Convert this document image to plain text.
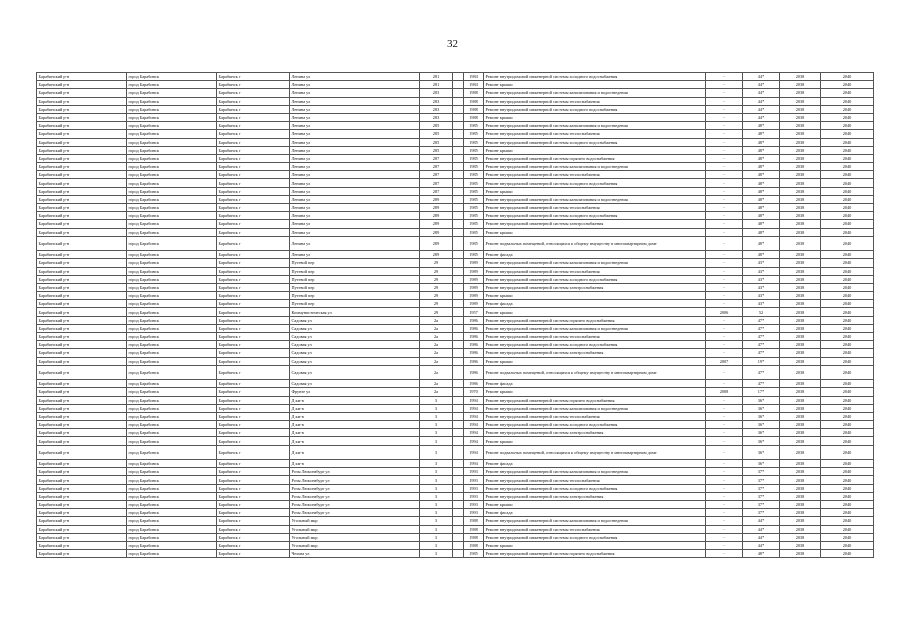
32
Барабинский р-н	город Барабинск	Барабинск г	Ленина ул	281		1984	Ремонт внутридомовой инженерной системы холодного водоснабжения	-	44*	2038	2040
Барабинский р-н	город Барабинск	Барабинск г	Ленина ул	281		1984	Ремонт крыши	-	44*	2038	2040
Барабинский р-н	город Барабинск	Барабинск г	Ленина ул	283		1988	Ремонт внутридомовой инженерной системы канализования и водоотведения	-	44*	2038	2040
Барабинский р-н	город Барабинск	Барабинск г	Ленина ул	283		1988	Ремонт внутридомовой инженерной системы теплоснабжения	-	44*	2038	2040
Барабинский р-н	город Барабинск	Барабинск г	Ленина ул	283		1988	Ремонт внутридомовой инженерной системы холодного водоснабжения	-	44*	2038	2040
Барабинский р-н	город Барабинск	Барабинск г	Ленина ул	283		1988	Ремонт крыши	-	44*	2038	2040
Барабинский р-н	город Барабинск	Барабинск г	Ленина ул	285		1985	Ремонт внутридомовой инженерной системы канализования и водоотведения	-	48*	2038	2040
Барабинский р-н	город Барабинск	Барабинск г	Ленина ул	285		1985	Ремонт внутридомовой инженерной системы теплоснабжения	-	48*	2038	2040
Барабинский р-н	город Барабинск	Барабинск г	Ленина ул	285		1985	Ремонт внутридомовой инженерной системы холодного водоснабжения	-	48*	2038	2040
Барабинский р-н	город Барабинск	Барабинск г	Ленина ул	285		1985	Ремонт крыши	-	48*	2038	2040
Барабинский р-н	город Барабинск	Барабинск г	Ленина ул	287		1985	Ремонт внутридомовой инженерной системы горячего водоснабжения	-	48*	2038	2040
Барабинский р-н	город Барабинск	Барабинск г	Ленина ул	287		1985	Ремонт внутридомовой инженерной системы канализования и водоотведения	-	48*	2038	2040
Барабинский р-н	город Барабинск	Барабинск г	Ленина ул	287		1985	Ремонт внутридомовой инженерной системы теплоснабжения	-	48*	2038	2040
Барабинский р-н	город Барабинск	Барабинск г	Ленина ул	287		1985	Ремонт внутридомовой инженерной системы холодного водоснабжения	-	48*	2038	2040
Барабинский р-н	город Барабинск	Барабинск г	Ленина ул	287		1985	Ремонт крыши	-	48*	2038	2040
Барабинский р-н	город Барабинск	Барабинск г	Ленина ул	289		1985	Ремонт внутридомовой инженерной системы канализования и водоотведения	-	48*	2038	2040
Барабинский р-н	город Барабинск	Барабинск г	Ленина ул	289		1985	Ремонт внутридомовой инженерной системы теплоснабжения	-	48*	2038	2040
Барабинский р-н	город Барабинск	Барабинск г	Ленина ул	289		1985	Ремонт внутридомовой инженерной системы холодного водоснабжения	-	48*	2038	2040
Барабинский р-н	город Барабинск	Барабинск г	Ленина ул	289		1985	Ремонт внутридомовой инженерной системы электроснабжения	-	48*	2038	2040
Барабинский р-н	город Барабинск	Барабинск г	Ленина ул	289		1985	Ремонт крыши	-	48*	2038	2040
Барабинский р-н	город Барабинск	Барабинск г	Ленина ул	289		1985	Ремонт подвальных помещений, относящихся к общему имуществу в многоквартирном доме	-	48*	2038	2040
Барабинский р-н	город Барабинск	Барабинск г	Ленина ул	289		1985	Ремонт фасада	-	48*	2038	2040
Барабинский р-н	город Барабинск	Барабинск г	Путевой пер	29		1989	Ремонт внутридомовой инженерной системы канализования и водоотведения	-	43*	2038	2040
Барабинский р-н	город Барабинск	Барабинск г	Путевой пер	29		1989	Ремонт внутридомовой инженерной системы теплоснабжения	-	43*	2038	2040
Барабинский р-н	город Барабинск	Барабинск г	Путевой пер	29		1989	Ремонт внутридомовой инженерной системы холодного водоснабжения	-	43*	2038	2040
Барабинский р-н	город Барабинск	Барабинск г	Путевой пер	29		1989	Ремонт внутридомовой инженерной системы электроснабжения	-	43*	2038	2040
Барабинский р-н	город Барабинск	Барабинск г	Путевой пер	29		1989	Ремонт крыши	-	43*	2038	2040
Барабинский р-н	город Барабинск	Барабинск г	Путевой пер	29		1989	Ремонт фасада	-	43*	2038	2040
Барабинский р-н	город Барабинск	Барабинск г	Коммунистическая ул	29		1957	Ремонт крыши	2006	52	2038	2040
Барабинский р-н	город Барабинск	Барабинск г	Садовая ул	2а		1986	Ремонт внутридомовой инженерной системы горячего водоснабжения	-	47*	2038	2040
Барабинский р-н	город Барабинск	Барабинск г	Садовая ул	2а		1986	Ремонт внутридомовой инженерной системы канализования и водоотведения	-	47*	2038	2040
Барабинский р-н	город Барабинск	Барабинск г	Садовая ул	2а		1986	Ремонт внутридомовой инженерной системы теплоснабжения	-	47*	2038	2040
Барабинский р-н	город Барабинск	Барабинск г	Садовая ул	2а		1986	Ремонт внутридомовой инженерной системы холодного водоснабжения	-	47*	2038	2040
Барабинский р-н	город Барабинск	Барабинск г	Садовая ул	2а		1986	Ремонт внутридомовой инженерной системы электроснабжения	-	47*	2038	2040
Барабинский р-н	город Барабинск	Барабинск г	Садовая ул	2а		1986	Ремонт крыши	2007	19*	2038	2040
Барабинский р-н	город Барабинск	Барабинск г	Садовая ул	2а		1986	Ремонт подвальных помещений, относящихся к общему имуществу в многоквартирном доме	-	47*	2038	2040
Барабинский р-н	город Барабинск	Барабинск г	Садовая ул	2а		1986	Ремонт фасада	-	47*	2038	2040
Барабинский р-н	город Барабинск	Барабинск г	Фрунзе ул	2а		1970	Ремонт крыши	2008	17*	2038	2040
Барабинский р-н	город Барабинск	Барабинск г	Д км-в	3		1994	Ремонт внутридомовой инженерной системы горячего водоснабжения	-	36*	2038	2040
Барабинский р-н	город Барабинск	Барабинск г	Д км-в	3		1994	Ремонт внутридомовой инженерной системы канализования и водоотведения	-	36*	2038	2040
Барабинский р-н	город Барабинск	Барабинск г	Д км-в	3		1994	Ремонт внутридомовой инженерной системы теплоснабжения	-	36*	2038	2040
Барабинский р-н	город Барабинск	Барабинск г	Д км-в	3		1994	Ремонт внутридомовой инженерной системы холодного водоснабжения	-	36*	2038	2040
Барабинский р-н	город Барабинск	Барабинск г	Д км-в	3		1994	Ремонт внутридомовой инженерной системы электроснабжения	-	36*	2038	2040
Барабинский р-н	город Барабинск	Барабинск г	Д км-в	3		1994	Ремонт крыши	-	36*	2038	2040
Барабинский р-н	город Барабинск	Барабинск г	Д км-в	3		1994	Ремонт подвальных помещений, относящихся к общему имуществу в многоквартирном доме	-	36*	2038	2040
Барабинский р-н	город Барабинск	Барабинск г	Д км-в	3		1994	Ремонт фасада	-	36*	2038	2040
Барабинский р-н	город Барабинск	Барабинск г	Розы Люксембург ул	3		1993	Ремонт внутридомовой инженерной системы канализования и водоотведения	-	37*	2038	2040
Барабинский р-н	город Барабинск	Барабинск г	Розы Люксембург ул	3		1993	Ремонт внутридомовой инженерной системы теплоснабжения	-	37*	2038	2040
Барабинский р-н	город Барабинск	Барабинск г	Розы Люксембург ул	3		1993	Ремонт внутридомовой инженерной системы холодного водоснабжения	-	37*	2038	2040
Барабинский р-н	город Барабинск	Барабинск г	Розы Люксембург ул	3		1993	Ремонт внутридомовой инженерной системы электроснабжения	-	37*	2038	2040
Барабинский р-н	город Барабинск	Барабинск г	Розы Люксембург ул	3		1993	Ремонт крыши	-	37*	2038	2040
Барабинский р-н	город Барабинск	Барабинск г	Розы Люксембург ул	3		1993	Ремонт фасада	-	37*	2038	2040
Барабинский р-н	город Барабинск	Барабинск г	Угольный мкр	3		1988	Ремонт внутридомовой инженерной системы канализования и водоотведения	-	44*	2038	2040
Барабинский р-н	город Барабинск	Барабинск г	Угольный мкр	3		1988	Ремонт внутридомовой инженерной системы теплоснабжения	-	44*	2038	2040
Барабинский р-н	город Барабинск	Барабинск г	Угольный мкр	3		1988	Ремонт внутридомовой инженерной системы холодного водоснабжения	-	44*	2038	2040
Барабинский р-н	город Барабинск	Барабинск г	Угольный мкр	3		1988	Ремонт крыши	-	44*	2038	2040
Барабинский р-н	город Барабинск	Барабинск г	Чехова ул	3		1985	Ремонт внутридомовой инженерной системы горячего водоснабжения	-	48*	2038	2040
